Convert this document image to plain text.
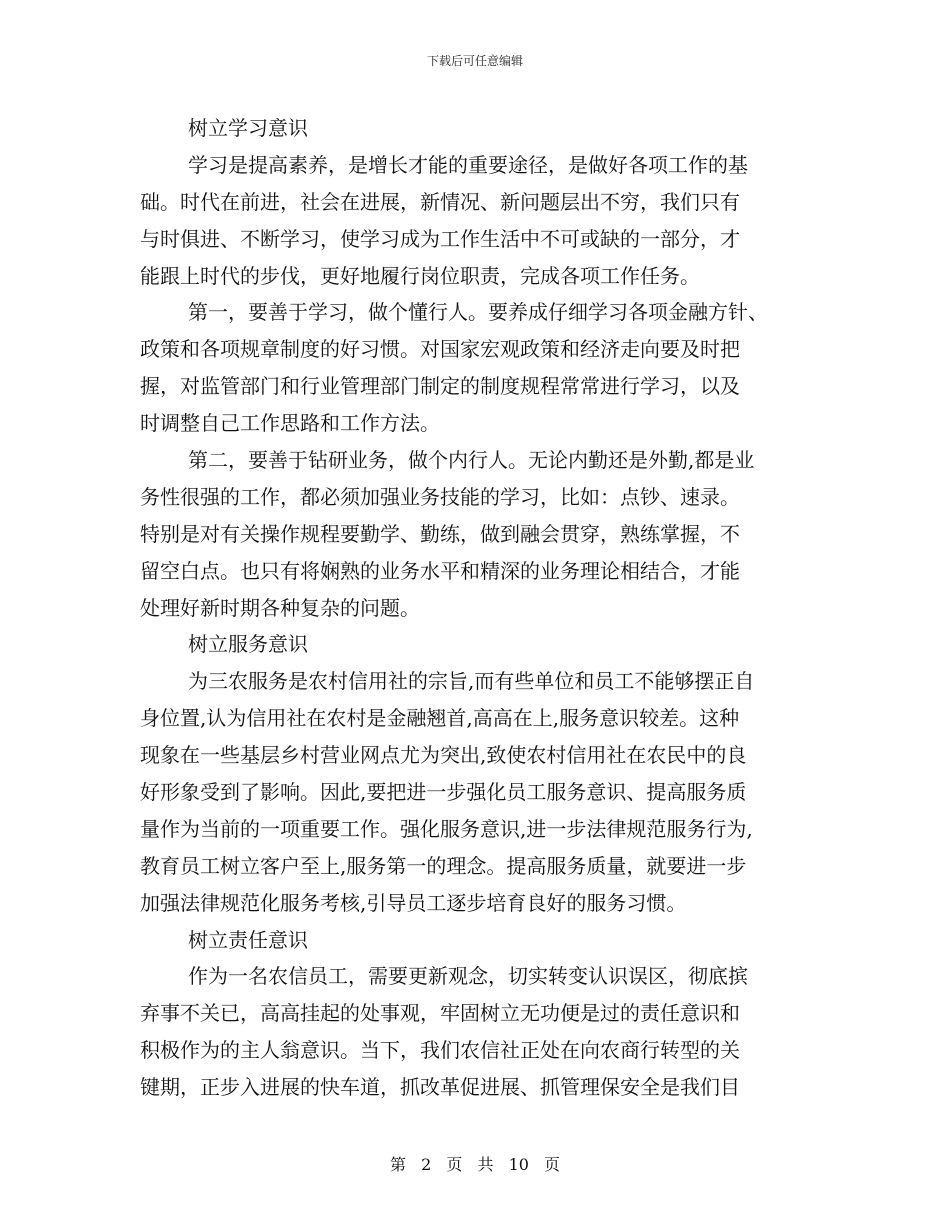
下载后可任意编辑
树立学习意识
学习是提高素养，是增长才能的重要途径，是做好各项工作的基
础。时代在前进，社会在进展，新情况、新问题层出不穷，我们只有
与时俱进、不断学习，使学习成为工作生活中不可或缺的一部分，才
能跟上时代的步伐，更好地履行岗位职责，完成各项工作任务。
第一，要善于学习，做个懂行人。要养成仔细学习各项金融方针、
政策和各项规章制度的好习惯。对国家宏观政策和经济走向要及时把
握，对监管部门和行业管理部门制定的制度规程常常进行学习，以及
时调整自己工作思路和工作方法。
第二，要善于钻研业务，做个内行人。无论内勤还是外勤,都是业
务性很强的工作，都必须加强业务技能的学习，比如：点钞、速录。
特别是对有关操作规程要勤学、勤练，做到融会贯穿，熟练掌握，不
留空白点。也只有将娴熟的业务水平和精深的业务理论相结合，才能
处理好新时期各种复杂的问题。
树立服务意识
为三农服务是农村信用社的宗旨,而有些单位和员工不能够摆正自
身位置,认为信用社在农村是金融翘首,高高在上,服务意识较差。这种
现象在一些基层乡村营业网点尤为突出,致使农村信用社在农民中的良
好形象受到了影响。因此,要把进一步强化员工服务意识、提高服务质
量作为当前的一项重要工作。强化服务意识,进一步法律规范服务行为,
教育员工树立客户至上,服务第一的理念。提高服务质量，就要进一步
加强法律规范化服务考核,引导员工逐步培育良好的服务习惯。
树立责任意识
作为一名农信员工，需要更新观念，切实转变认识误区，彻底摈
弃事不关已，高高挂起的处事观，牢固树立无功便是过的责任意识和
积极作为的主人翁意识。当下，我们农信社正处在向农商行转型的关
键期，正步入进展的快车道，抓改革促进展、抓管理保安全是我们目
第 2 页 共 10 页
